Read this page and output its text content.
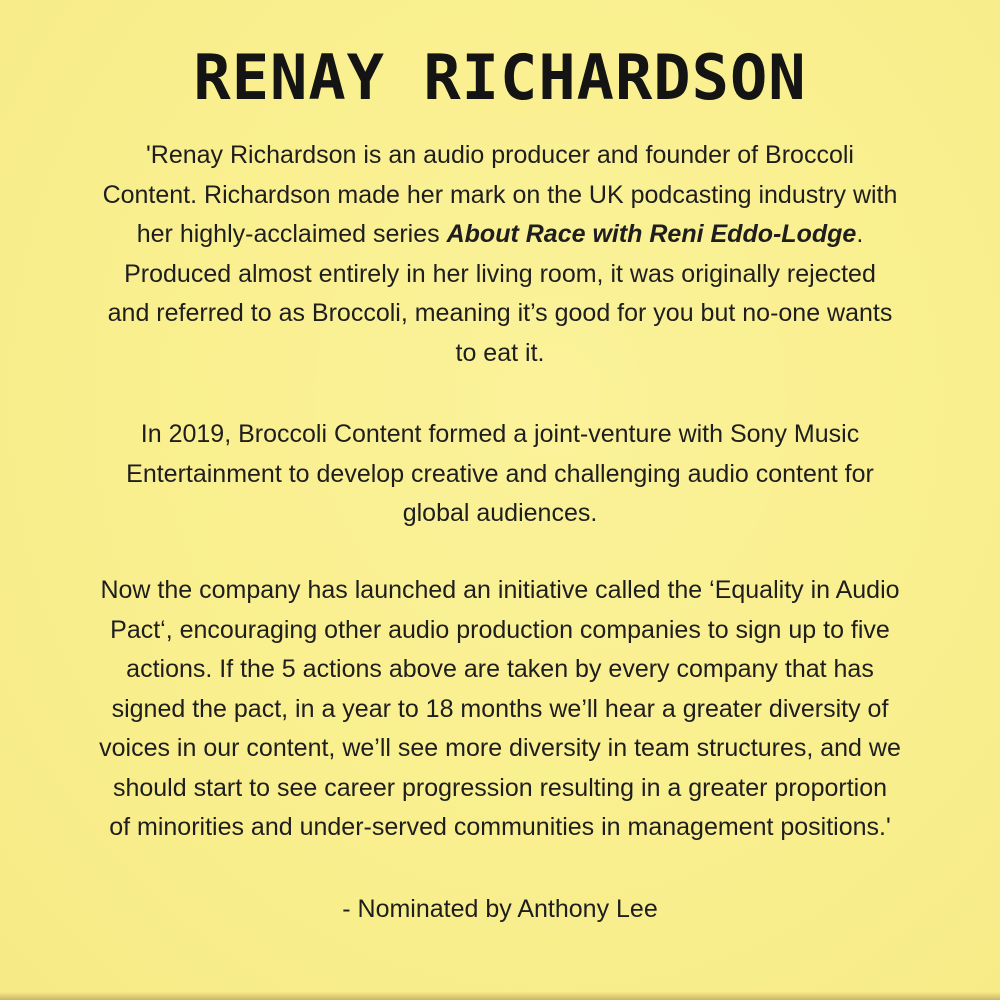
RENAY RICHARDSON

'Renay Richardson is an audio producer and founder of Broccoli
Content. Richardson made her mark on the UK podcasting industry with
her highly-acclaimed series About Race with Reni Eddo-Lodge.
Produced almost entirely in her living room, it was originally rejected
and referred to as Broccoli, meaning it’s good for you but no-one wants
to eat it.

In 2019, Broccoli Content formed a joint-venture with Sony Music
Entertainment to develop creative and challenging audio content for
global audiences.

Now the company has launched an initiative called the ‘Equality in Audio
Pact‘, encouraging other audio production companies to sign up to five
actions. If the 5 actions above are taken by every company that has
signed the pact, in a year to 18 months we’ll hear a greater diversity of
voices in our content, we’ll see more diversity in team structures, and we
should start to see career progression resulting in a greater proportion
of minorities and under-served communities in management positions.'

- Nominated by Anthony Lee
